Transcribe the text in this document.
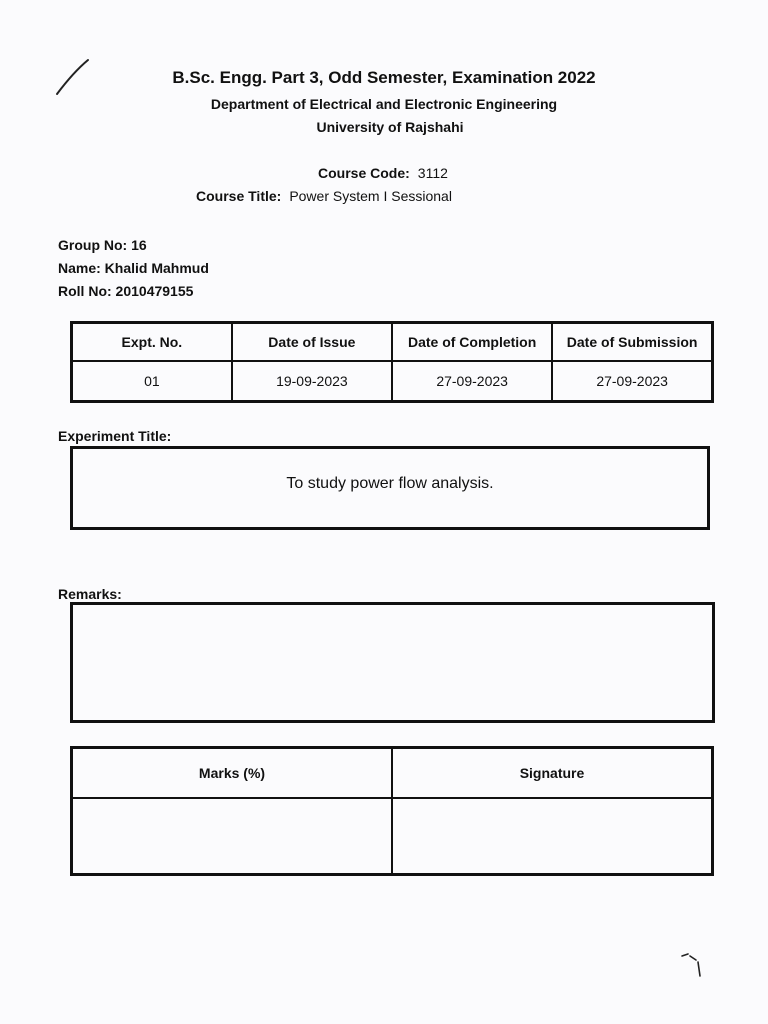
B.Sc. Engg. Part 3, Odd Semester, Examination 2022
Department of Electrical and Electronic Engineering
University of Rajshahi
Course Code: 3112
Course Title: Power System I Sessional
Group No: 16
Name: Khalid Mahmud
Roll No: 2010479155
Expt. No.	Date of Issue	Date of Completion	Date of Submission
01	19-09-2023	27-09-2023	27-09-2023
Experiment Title:
To study power flow analysis.
Remarks:
Marks (%)	Signature
